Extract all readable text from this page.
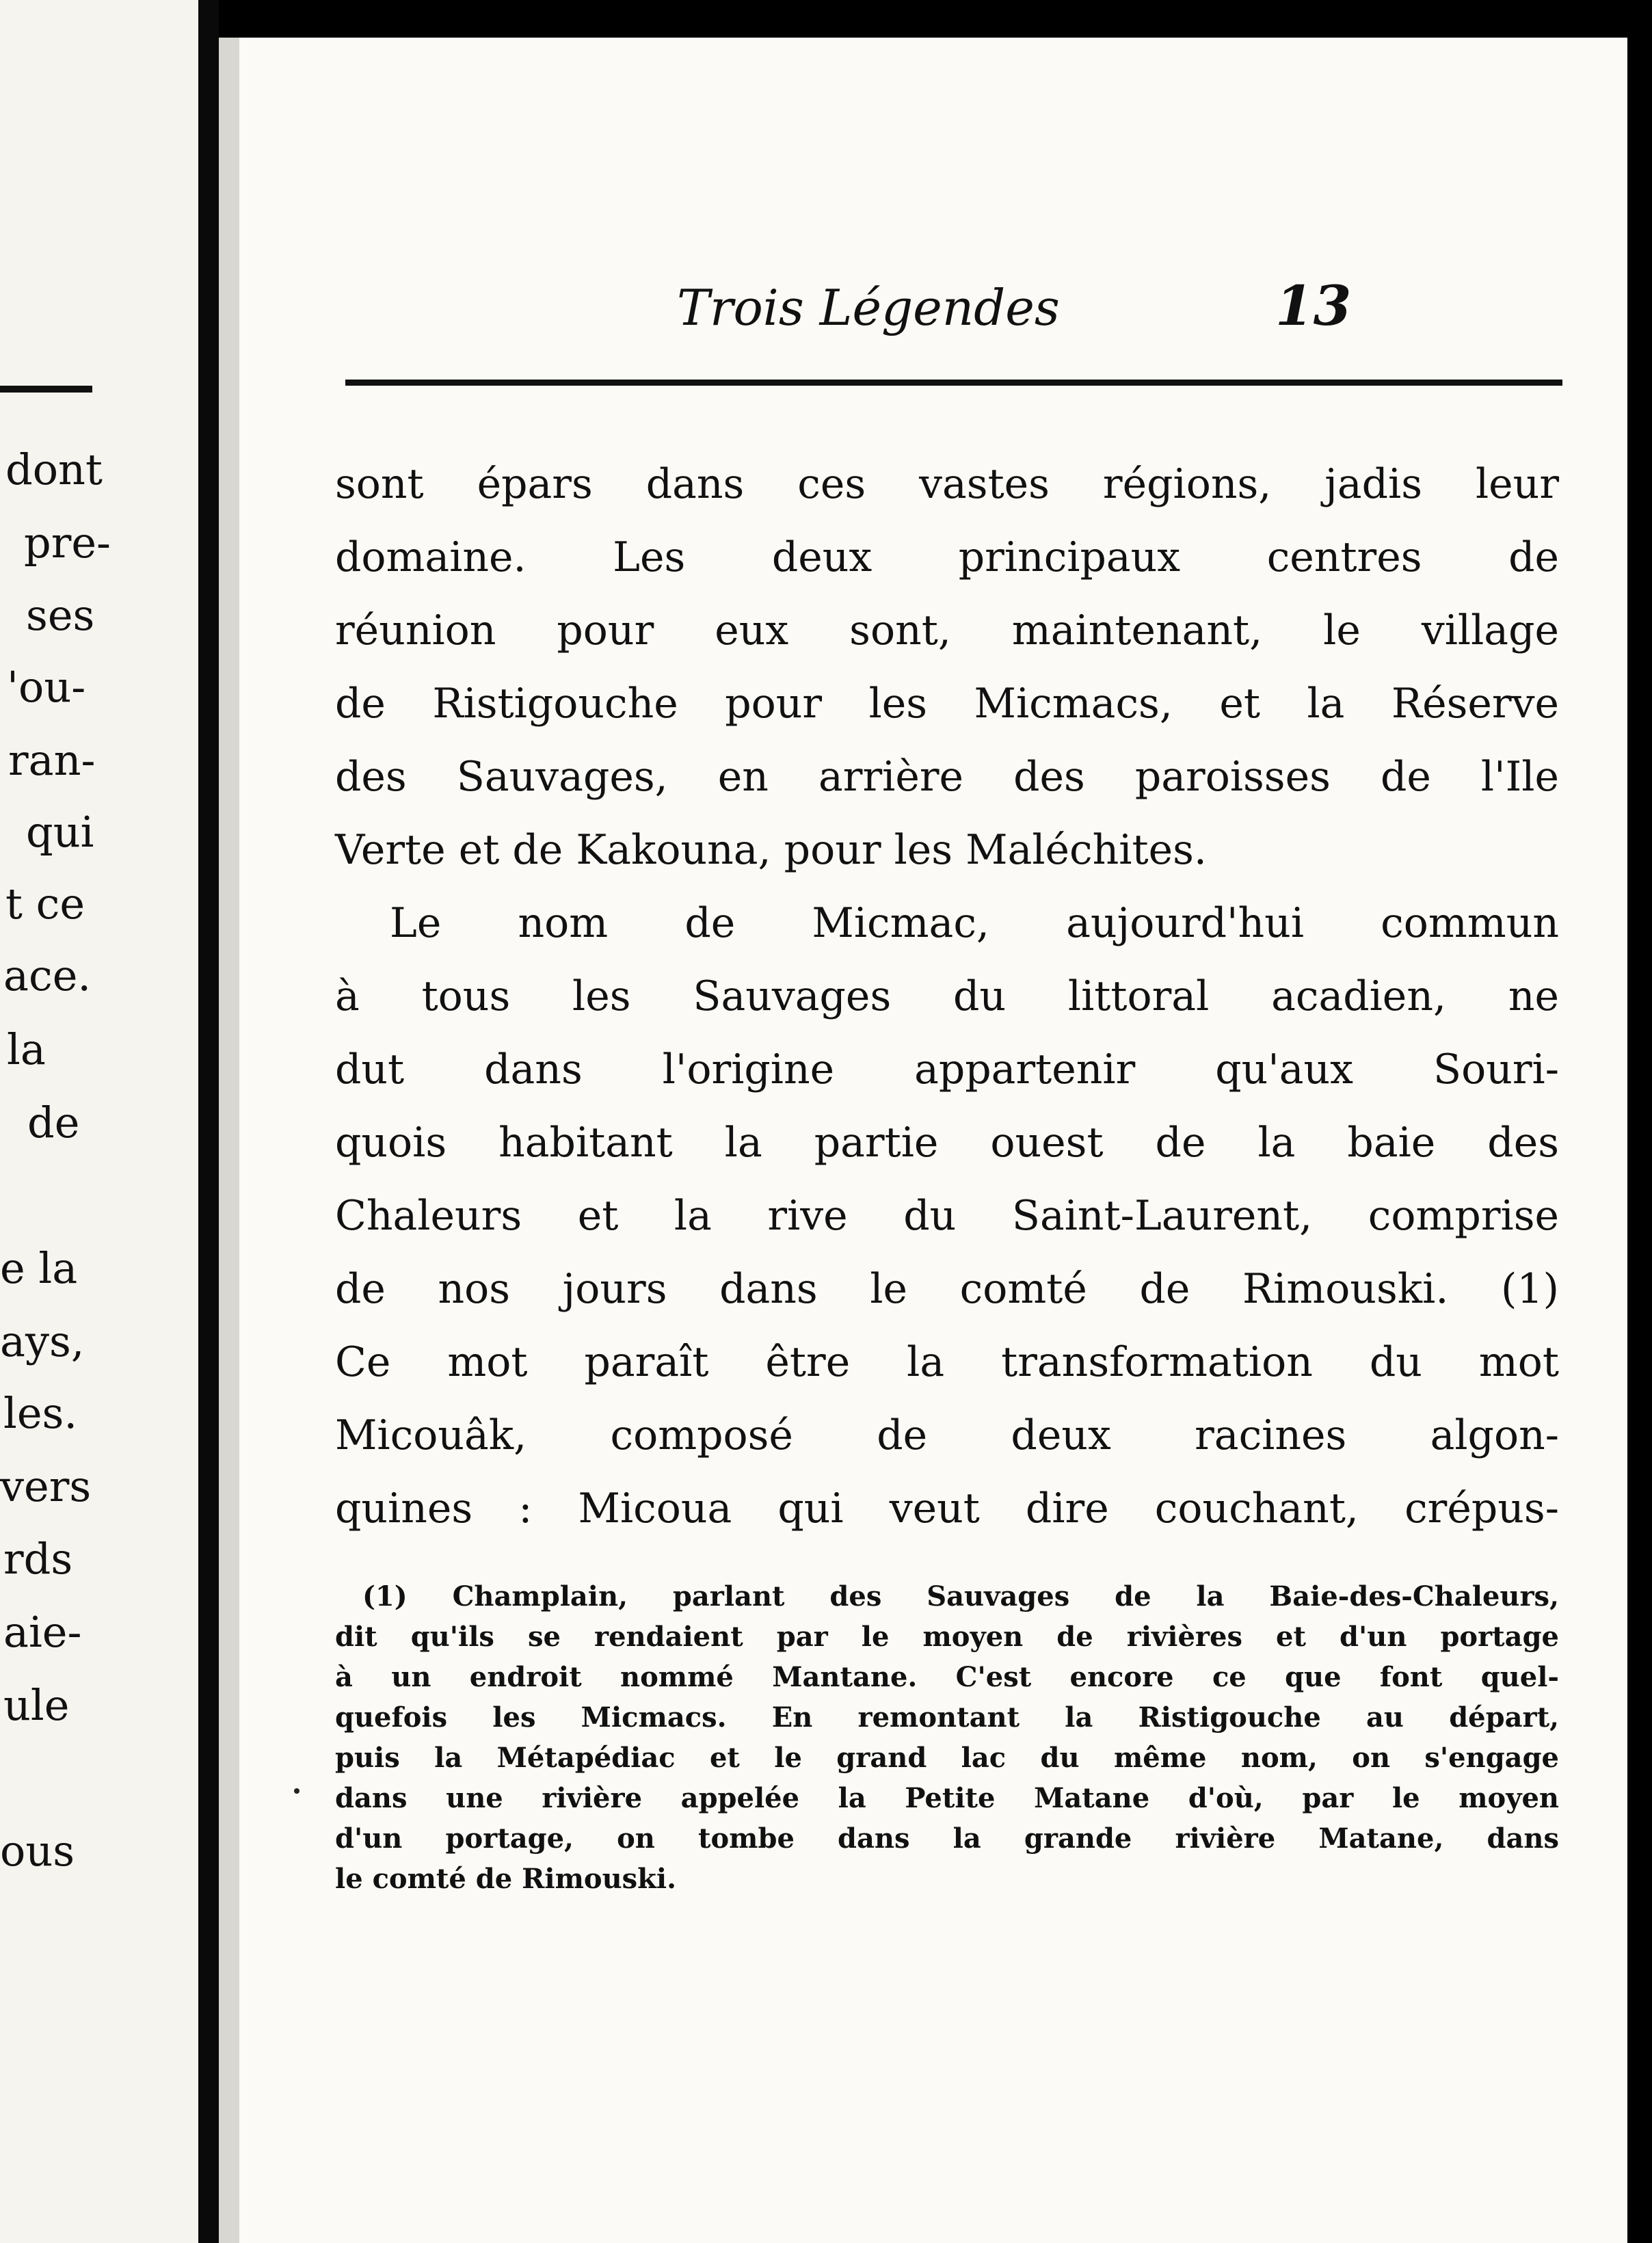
dont
pre-
ses
'ou-
ran-
qui
t ce
ace.
la
de
e la
ays,
les.
vers
rds
aie-
ule
ous
Trois Légendes	13
sont épars dans ces vastes régions, jadis leur
domaine. Les deux principaux centres de
réunion pour eux sont, maintenant, le village
de Ristigouche pour les Micmacs, et la Réserve
des Sauvages, en arrière des paroisses de l'Ile
Verte et de Kakouna, pour les Maléchites.
Le nom de Micmac, aujourd'hui commun
à tous les Sauvages du littoral acadien, ne
dut dans l'origine appartenir qu'aux Souri-
quois habitant la partie ouest de la baie des
Chaleurs et la rive du Saint-Laurent, comprise
de nos jours dans le comté de Rimouski. (1)
Ce mot paraît être la transformation du mot
Micouâk, composé de deux racines algon-
quines : Micoua qui veut dire couchant, crépus-
(1) Champlain, parlant des Sauvages de la Baie-des-Chaleurs,
dit qu'ils se rendaient par le moyen de rivières et d'un portage
à un endroit nommé Mantane. C'est encore ce que font quel-
quefois les Micmacs. En remontant la Ristigouche au départ,
puis la Métapédiac et le grand lac du même nom, on s'engage
dans une rivière appelée la Petite Matane d'où, par le moyen
d'un portage, on tombe dans la grande rivière Matane, dans
le comté de Rimouski.
